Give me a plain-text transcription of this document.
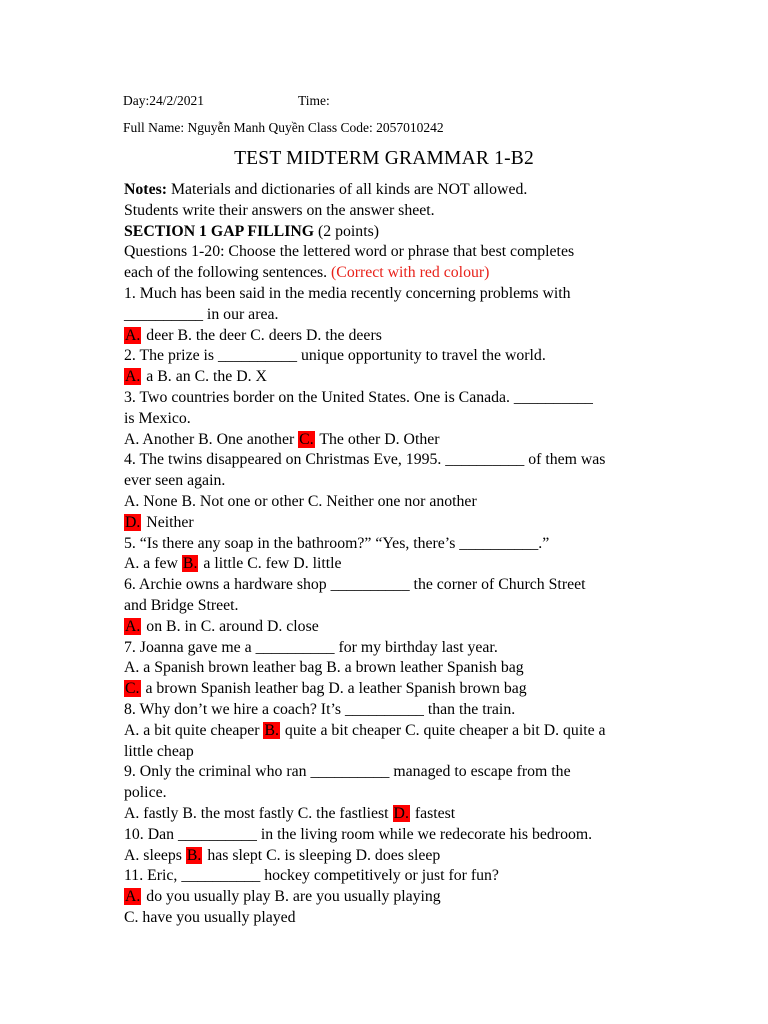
Day:24/2/2021	Time:
Full Name: Nguyễn Manh Quyền Class Code: 2057010242
TEST MIDTERM GRAMMAR 1-B2
Notes: Materials and dictionaries of all kinds are NOT allowed.
Students write their answers on the answer sheet.
SECTION 1 GAP FILLING (2 points)
Questions 1-20: Choose the lettered word or phrase that best completes
each of the following sentences. (Correct with red colour)
1. Much has been said in the media recently concerning problems with
__________ in our area.
A. deer B. the deer C. deers D. the deers
2. The prize is __________ unique opportunity to travel the world.
A. a B. an C. the D. X
3. Two countries border on the United States. One is Canada. __________
is Mexico.
A. Another B. One another C. The other D. Other
4. The twins disappeared on Christmas Eve, 1995. __________ of them was
ever seen again.
A. None B. Not one or other C. Neither one nor another
D. Neither
5. “Is there any soap in the bathroom?” “Yes, there’s __________.”
A. a few B. a little C. few D. little
6. Archie owns a hardware shop __________ the corner of Church Street
and Bridge Street.
A. on B. in C. around D. close
7. Joanna gave me a __________ for my birthday last year.
A. a Spanish brown leather bag B. a brown leather Spanish bag
C. a brown Spanish leather bag D. a leather Spanish brown bag
8. Why don’t we hire a coach? It’s __________ than the train.
A. a bit quite cheaper B. quite a bit cheaper C. quite cheaper a bit D. quite a
little cheap
9. Only the criminal who ran __________ managed to escape from the
police.
A. fastly B. the most fastly C. the fastliest D. fastest
10. Dan __________ in the living room while we redecorate his bedroom.
A. sleeps B. has slept C. is sleeping D. does sleep
11. Eric, __________ hockey competitively or just for fun?
A. do you usually play B. are you usually playing
C. have you usually played
